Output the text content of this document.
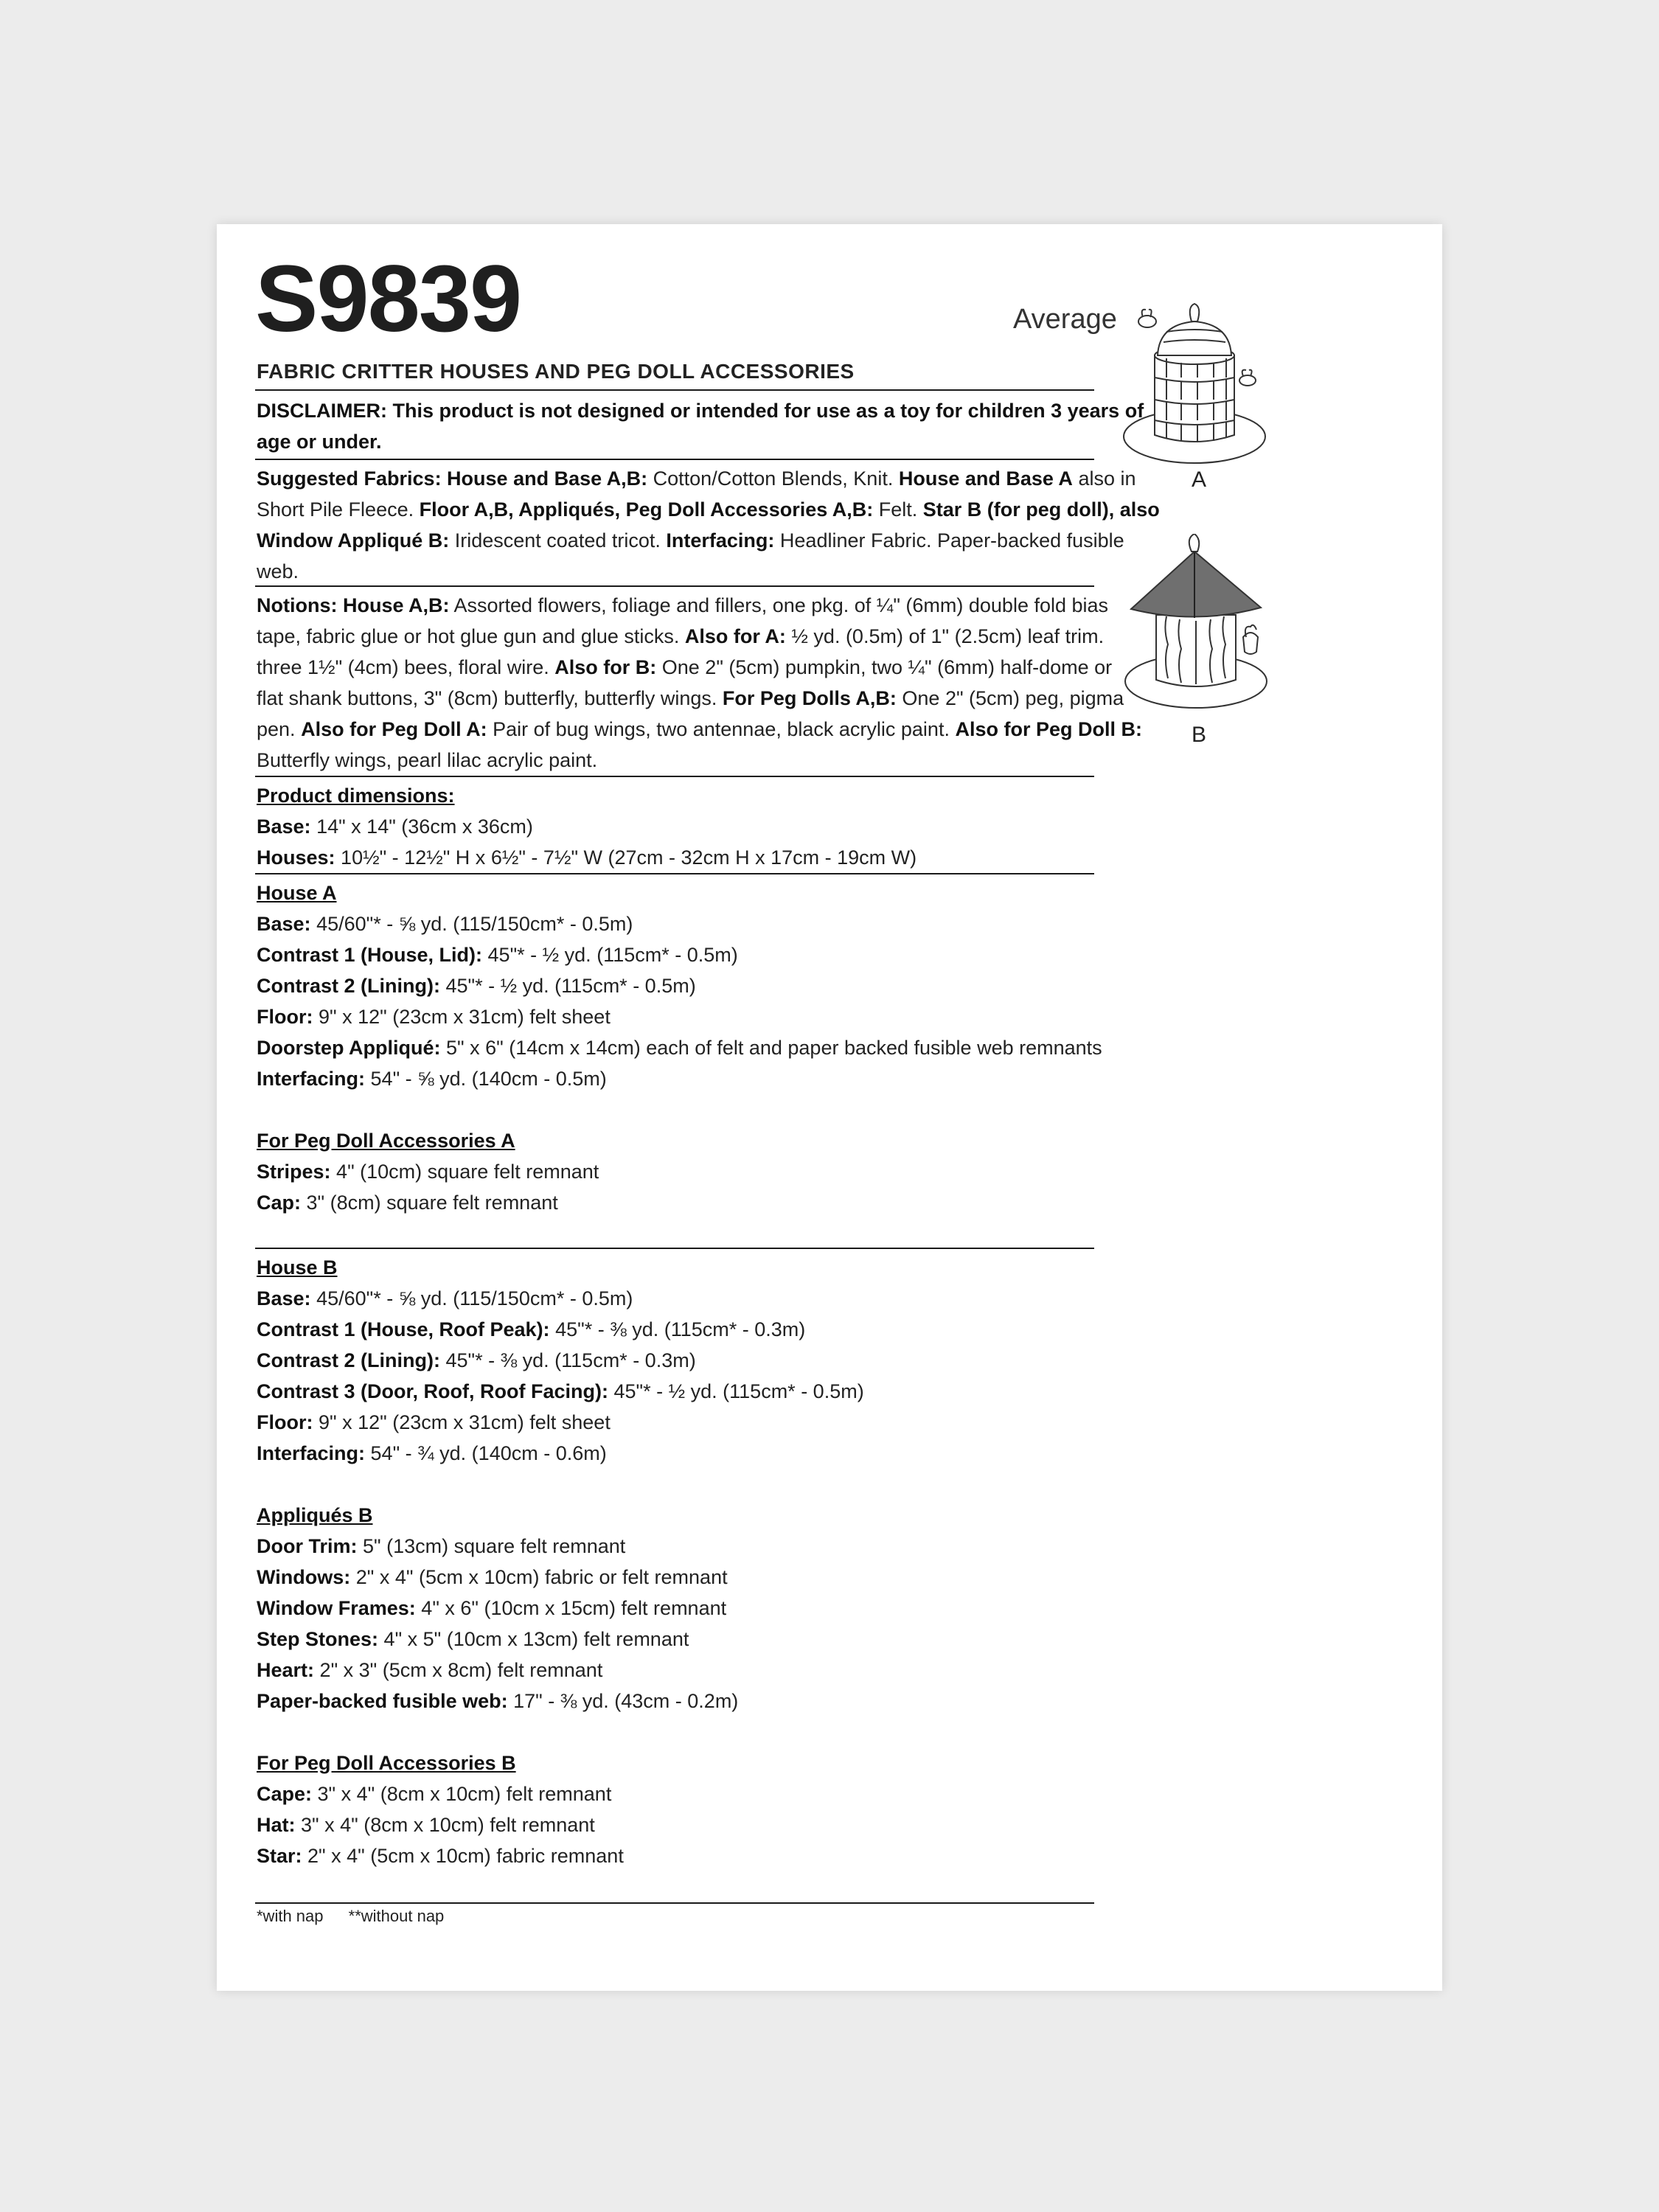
S9839	Average
FABRIC CRITTER HOUSES AND PEG DOLL ACCESSORIES
DISCLAIMER: This product is not designed or intended for use as a toy for children 3 years of
age or under.
Suggested Fabrics: House and Base A,B: Cotton/Cotton Blends, Knit. House and Base A also in
Short Pile Fleece. Floor A,B, Appliqués, Peg Doll Accessories A,B: Felt. Star B (for peg doll), also
Window Appliqué B: Iridescent coated tricot. Interfacing: Headliner Fabric. Paper-backed fusible
web.
Notions: House A,B: Assorted flowers, foliage and fillers, one pkg. of ¼" (6mm) double fold bias
tape, fabric glue or hot glue gun and glue sticks. Also for A: ½ yd. (0.5m) of 1" (2.5cm) leaf trim.
three 1½" (4cm) bees, floral wire. Also for B: One 2" (5cm) pumpkin, two ¼" (6mm) half-dome or
flat shank buttons, 3" (8cm) butterfly, butterfly wings. For Peg Dolls A,B: One 2" (5cm) peg, pigma
pen. Also for Peg Doll A: Pair of bug wings, two antennae, black acrylic paint. Also for Peg Doll B:
Butterfly wings, pearl lilac acrylic paint.
Product dimensions:
Base: 14" x 14" (36cm x 36cm)
Houses: 10½" - 12½" H x 6½" - 7½" W (27cm - 32cm H x 17cm - 19cm W)
House A
Base: 45/60"* - ⅝ yd. (115/150cm* - 0.5m)
Contrast 1 (House, Lid): 45"* - ½ yd. (115cm* - 0.5m)
Contrast 2 (Lining): 45"* - ½ yd. (115cm* - 0.5m)
Floor: 9" x 12" (23cm x 31cm) felt sheet
Doorstep Appliqué: 5" x 6" (14cm x 14cm) each of felt and paper backed fusible web remnants
Interfacing: 54" - ⅝ yd. (140cm - 0.5m)
For Peg Doll Accessories A
Stripes: 4" (10cm) square felt remnant
Cap: 3" (8cm) square felt remnant
House B
Base: 45/60"* - ⅝ yd. (115/150cm* - 0.5m)
Contrast 1 (House, Roof Peak): 45"* - ⅜ yd. (115cm* - 0.3m)
Contrast 2 (Lining): 45"* - ⅜ yd. (115cm* - 0.3m)
Contrast 3 (Door, Roof, Roof Facing): 45"* - ½ yd. (115cm* - 0.5m)
Floor: 9" x 12" (23cm x 31cm) felt sheet
Interfacing: 54" - ¾ yd. (140cm - 0.6m)
Appliqués B
Door Trim: 5" (13cm) square felt remnant
Windows: 2" x 4" (5cm x 10cm) fabric or felt remnant
Window Frames: 4" x 6" (10cm x 15cm) felt remnant
Step Stones: 4" x 5" (10cm x 13cm) felt remnant
Heart: 2" x 3" (5cm x 8cm) felt remnant
Paper-backed fusible web: 17" - ⅜ yd. (43cm - 0.2m)
For Peg Doll Accessories B
Cape: 3" x 4" (8cm x 10cm) felt remnant
Hat: 3" x 4" (8cm x 10cm) felt remnant
Star: 2" x 4" (5cm x 10cm) fabric remnant
*with nap **without nap
A
B
